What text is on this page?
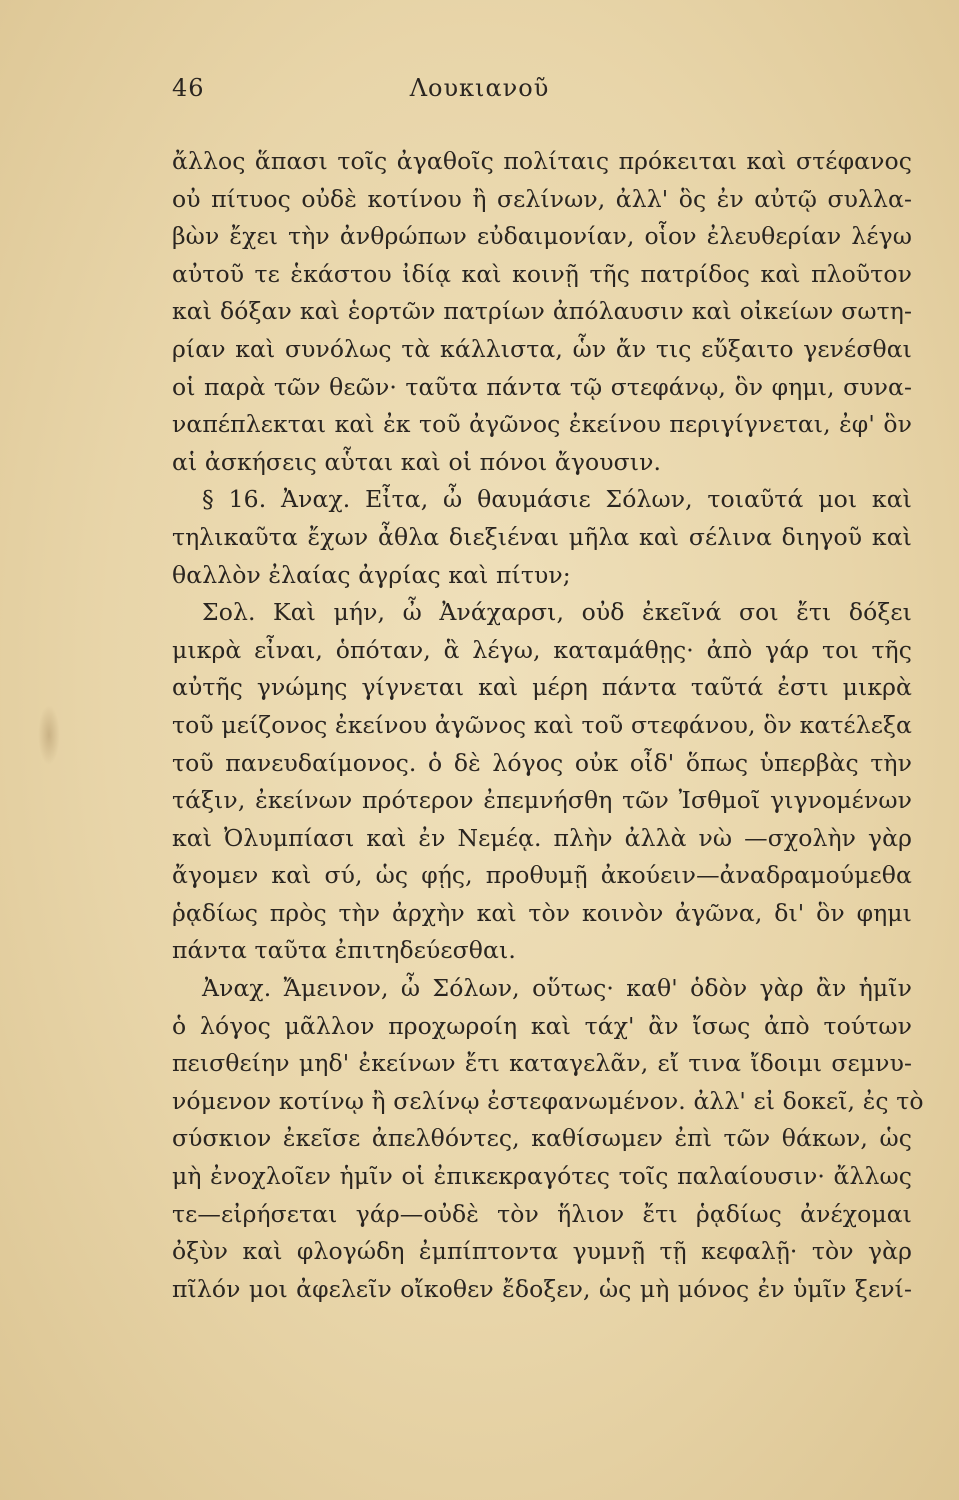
Λουκιανοῦ
46
ἄλλος ἅπασι τοῖς ἀγαθοῖς πολίταις πρόκειται καὶ στέφανος
οὐ πίτυος οὐδὲ κοτίνου ἢ σελίνων, ἀλλ' ὃς ἐν αὐτῷ συλλα-
βὼν ἔχει τὴν ἀνθρώπων εὐδαιμονίαν, οἷον ἐλευθερίαν λέγω
αὐτοῦ τε ἑκάστου ἰδίᾳ καὶ κοινῇ τῆς πατρίδος καὶ πλοῦτον
καὶ δόξαν καὶ ἑορτῶν πατρίων ἀπόλαυσιν καὶ οἰκείων σωτη-
ρίαν καὶ συνόλως τὰ κάλλιστα, ὧν ἄν τις εὔξαιτο γενέσθαι
οἱ παρὰ τῶν θεῶν· ταῦτα πάντα τῷ στεφάνῳ, ὃν φημι, συνα-
ναπέπλεκται καὶ ἐκ τοῦ ἀγῶνος ἐκείνου περιγίγνεται, ἐφ' ὃν
αἱ ἀσκήσεις αὗται καὶ οἱ πόνοι ἄγουσιν.
§ 16. Ἀναχ. Εἶτα, ὦ θαυμάσιε Σόλων, τοιαῦτά μοι καὶ
τηλικαῦτα ἔχων ἆθλα διεξιέναι μῆλα καὶ σέλινα διηγοῦ καὶ
θαλλὸν ἐλαίας ἀγρίας καὶ πίτυν;
Σολ. Καὶ μήν, ὦ Ἀνάχαρσι, οὐδ ἐκεῖνά σοι ἔτι δόξει
μικρὰ εἶναι, ὁπόταν, ἃ λέγω, καταμάθῃς· ἀπὸ γάρ τοι τῆς
αὐτῆς γνώμης γίγνεται καὶ μέρη πάντα ταῦτά ἐστι μικρὰ
τοῦ μείζονος ἐκείνου ἀγῶνος καὶ τοῦ στεφάνου, ὃν κατέλεξα
τοῦ πανευδαίμονος. ὁ δὲ λόγος οὐκ οἶδ' ὅπως ὑπερβὰς τὴν
τάξιν, ἐκείνων πρότερον ἐπεμνήσθη τῶν Ἰσθμοῖ γιγνομένων
καὶ Ὀλυμπίασι καὶ ἐν Νεμέᾳ. πλὴν ἀλλὰ νὼ —σχολὴν γὰρ
ἄγομεν καὶ σύ, ὡς φῄς, προθυμῇ ἀκούειν—ἀναδραμούμεθα
ῥᾳδίως πρὸς τὴν ἀρχὴν καὶ τὸν κοινὸν ἀγῶνα, δι' ὃν φημι
πάντα ταῦτα ἐπιτηδεύεσθαι.
Ἀναχ. Ἄμεινον, ὦ Σόλων, οὕτως· καθ' ὁδὸν γὰρ ἂν ἡμῖν
ὁ λόγος μᾶλλον προχωροίη καὶ τάχ' ἂν ἴσως ἀπὸ τούτων
πεισθείην μηδ' ἐκείνων ἔτι καταγελᾶν, εἴ τινα ἴδοιμι σεμνυ-
νόμενον κοτίνῳ ἢ σελίνῳ ἐστεφανωμένον. ἀλλ' εἰ δοκεῖ, ἐς τὸ
σύσκιον ἐκεῖσε ἀπελθόντες, καθίσωμεν ἐπὶ τῶν θάκων, ὡς
μὴ ἐνοχλοῖεν ἡμῖν οἱ ἐπικεκραγότες τοῖς παλαίουσιν· ἄλλως
τε—εἰρήσεται γάρ—οὐδὲ τὸν ἥλιον ἔτι ῥᾳδίως ἀνέχομαι
ὀξὺν καὶ φλογώδη ἐμπίπτοντα γυμνῇ τῇ κεφαλῇ· τὸν γὰρ
πῖλόν μοι ἀφελεῖν οἴκοθεν ἔδοξεν, ὡς μὴ μόνος ἐν ὑμῖν ξενί-
